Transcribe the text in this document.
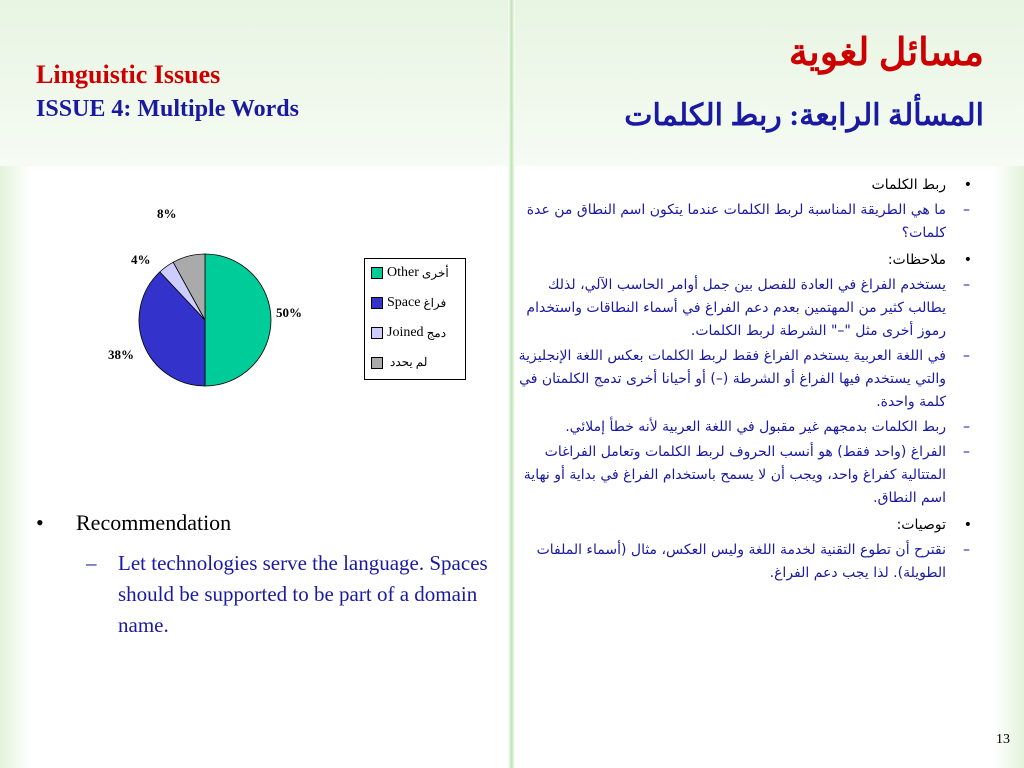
Linguistic Issues
ISSUE 4: Multiple Words
مسائل لغوية
المسألة الرابعة: ربط الكلمات
50%
38%
4%
8%
Other أخرى
Space فراغ
Joined دمج
لم يحدد
•	Recommendation
– Let technologies serve the language. Spaces should be supported to be part of a domain name.
•
ربط الكلمات
–
ما هي الطريقة المناسبة لربط الكلمات عندما يتكون اسم النطاق من عدة كلمات؟
•
ملاحظات:
–
يستخدم الفراغ في العادة للفصل بين جمل أوامر الحاسب الآلي، لذلك يطالب كثير من المهتمين بعدم دعم الفراغ في أسماء النطاقات واستخدام رموز أخرى مثل "–" الشرطة لربط الكلمات.
–
في اللغة العربية يستخدم الفراغ فقط لربط الكلمات بعكس اللغة الإنجليزية والتي يستخدم فيها الفراغ أو الشرطة (–) أو أحيانا أخرى تدمج الكلمتان في كلمة واحدة.
–
ربط الكلمات بدمجهم غير مقبول في اللغة العربية لأنه خطأ إملائي.
–
الفراغ (واحد فقط) هو أنسب الحروف لربط الكلمات وتعامل الفراغات المتتالية كفراغ واحد، ويجب أن لا يسمح باستخدام الفراغ في بداية أو نهاية اسم النطاق.
•
توصيات:
–
نقترح أن تطوع التقنية لخدمة اللغة وليس العكس، مثال (أسماء الملفات الطويلة). لذا يجب دعم الفراغ.
13
